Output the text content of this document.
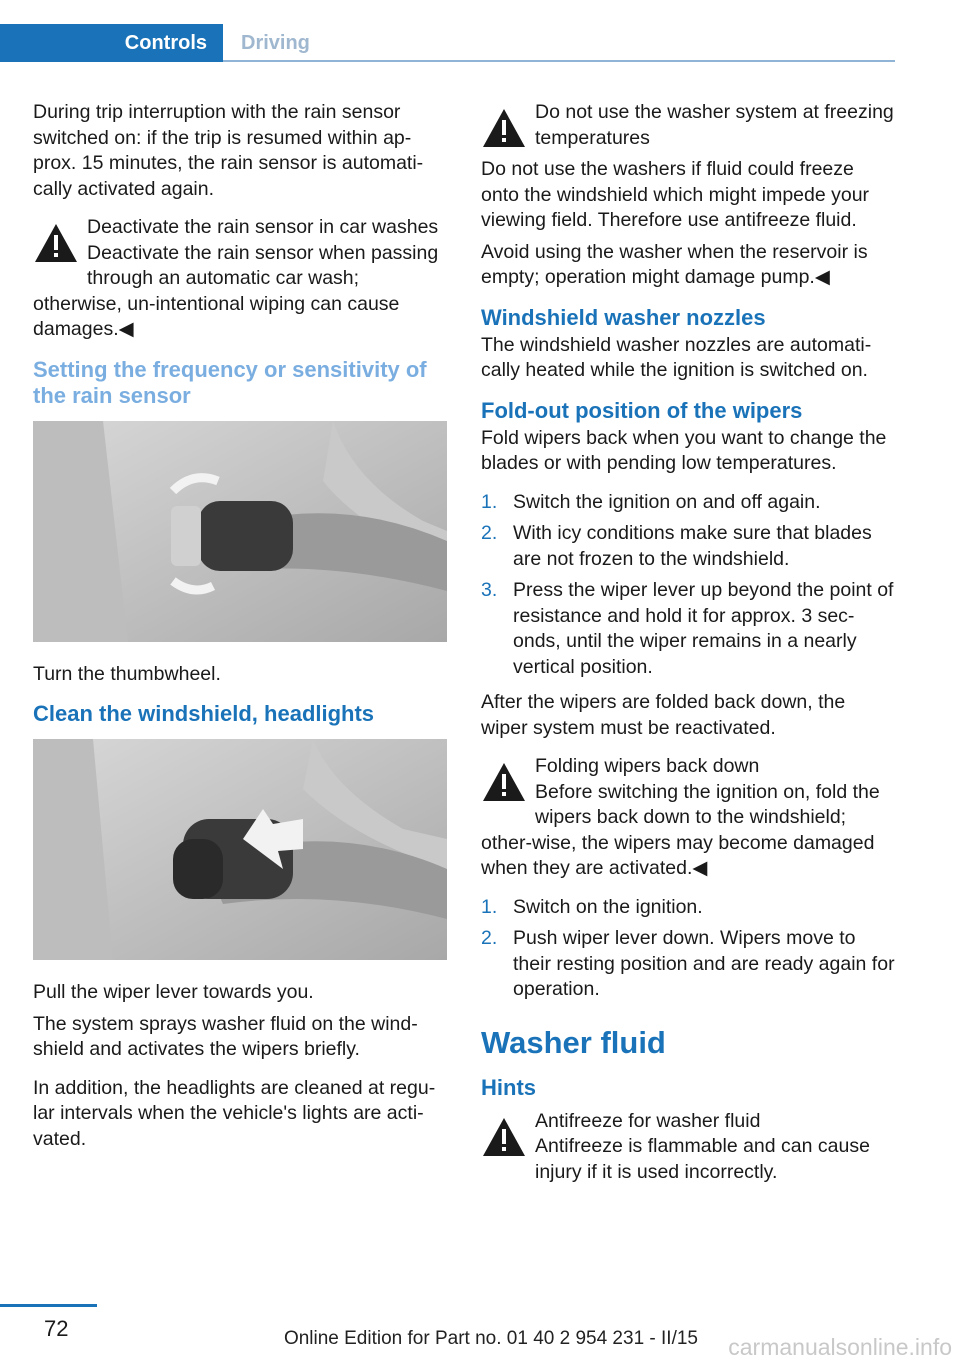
Controls	Driving

During trip interruption with the rain sensor switched on: if the trip is resumed within ap‐prox. 15 minutes, the rain sensor is automati‐cally activated again.

Deactivate the rain sensor in car washes
Deactivate the rain sensor when passing through an automatic car wash; otherwise, un‐intentional wiping can cause damages.◀
Setting the frequency or sensitivity of the rain sensor

Turn the thumbwheel.

Clean the windshield, headlights

Pull the wiper lever towards you.

The system sprays washer fluid on the wind‐shield and activates the wipers briefly.

In addition, the headlights are cleaned at regu‐lar intervals when the vehicle's lights are acti‐vated.

Do not use the washer system at freezing temperatures
Do not use the washers if fluid could freeze onto the windshield which might impede your viewing field. Therefore use antifreeze fluid.

Avoid using the washer when the reservoir is empty; operation might damage pump.◀

Windshield washer nozzles

The windshield washer nozzles are automati‐cally heated while the ignition is switched on.

Fold-out position of the wipers

Fold wipers back when you want to change the blades or with pending low temperatures.

1. Switch the ignition on and off again.
2. With icy conditions make sure that blades are not frozen to the windshield.
3. Press the wiper lever up beyond the point of resistance and hold it for approx. 3 sec‐onds, until the wiper remains in a nearly vertical position.

After the wipers are folded back down, the wiper system must be reactivated.

Folding wipers back down
Before switching the ignition on, fold the wipers back down to the windshield; other‐wise, the wipers may become damaged when they are activated.◀
1. Switch on the ignition.
2. Push wiper lever down. Wipers move to their resting position and are ready again for operation.
Washer fluid
Hints
Antifreeze for washer fluid
Antifreeze is flammable and can cause injury if it is used incorrectly.
72	Online Edition for Part no. 01 40 2 954 231 - II/15 carmanualsonline.info
